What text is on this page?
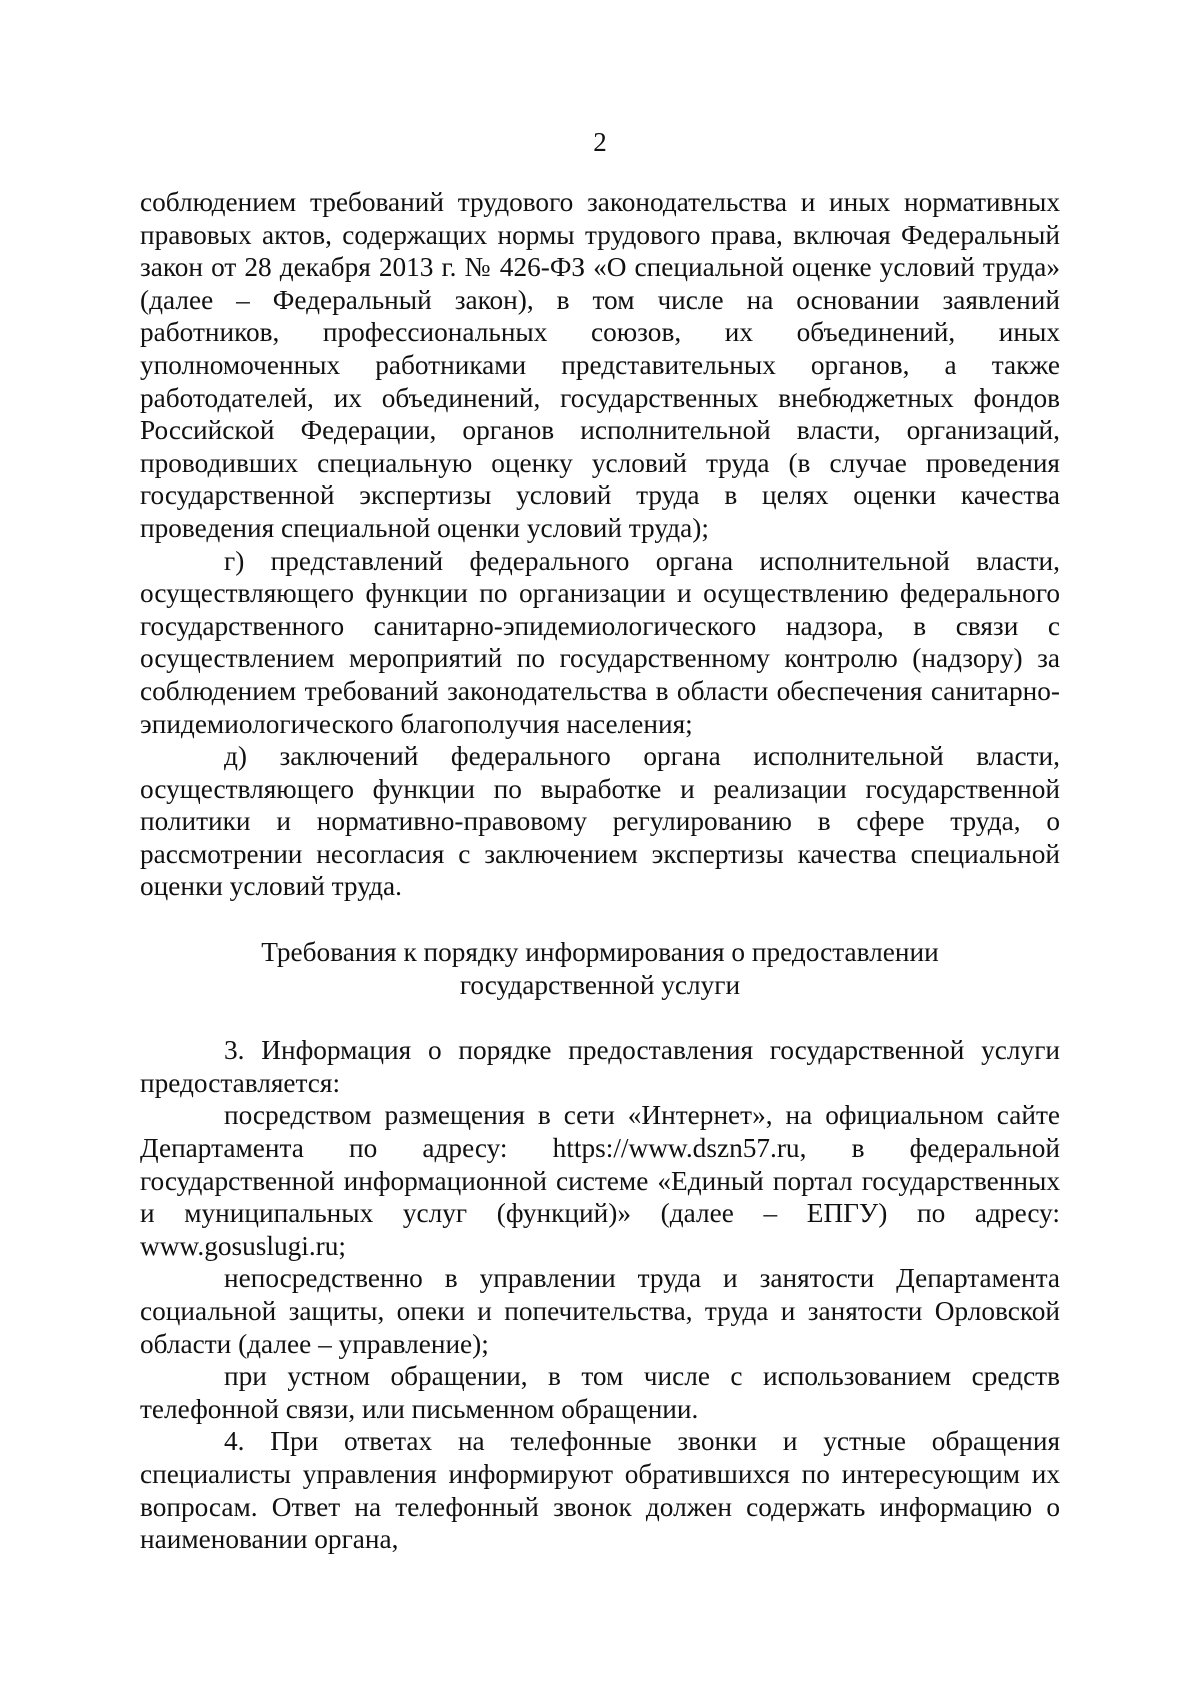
2

соблюдением требований трудового законодательства и иных нормативных правовых актов, содержащих нормы трудового права, включая Федеральный закон от 28 декабря 2013 г. № 426-ФЗ «О специальной оценке условий труда» (далее – Федеральный закон), в том числе на основании заявлений работников, профессиональных союзов, их объединений, иных уполномоченных работниками представительных органов, а также работодателей, их объединений, государственных внебюджетных фондов Российской Федерации, органов исполнительной власти, организаций, проводивших специальную оценку условий труда (в случае проведения государственной экспертизы условий труда в целях оценки качества проведения специальной оценки условий труда);

г) представлений федерального органа исполнительной власти, осуществляющего функции по организации и осуществлению федерального государственного санитарно-эпидемиологического надзора, в связи с осуществлением мероприятий по государственному контролю (надзору) за соблюдением требований законодательства в области обеспечения санитарно-эпидемиологического благополучия населения;

д) заключений федерального органа исполнительной власти, осуществляющего функции по выработке и реализации государственной политики и нормативно-правовому регулированию в сфере труда, о рассмотрении несогласия с заключением экспертизы качества специальной оценки условий труда.

Требования к порядку информирования о предоставлении
государственной услуги

3. Информация о порядке предоставления государственной услуги предоставляется:

посредством размещения в сети «Интернет», на официальном сайте Департамента по адресу: https://www.dszn57.ru, в федеральной государственной информационной системе «Единый портал государственных и муниципальных услуг (функций)» (далее – ЕПГУ) по адресу: www.gosuslugi.ru;

непосредственно в управлении труда и занятости Департамента социальной защиты, опеки и попечительства, труда и занятости Орловской области (далее – управление);

при устном обращении, в том числе с использованием средств телефонной связи, или письменном обращении.

4. При ответах на телефонные звонки и устные обращения специалисты управления информируют обратившихся по интересующим их вопросам. Ответ на телефонный звонок должен содержать информацию о наименовании органа,
